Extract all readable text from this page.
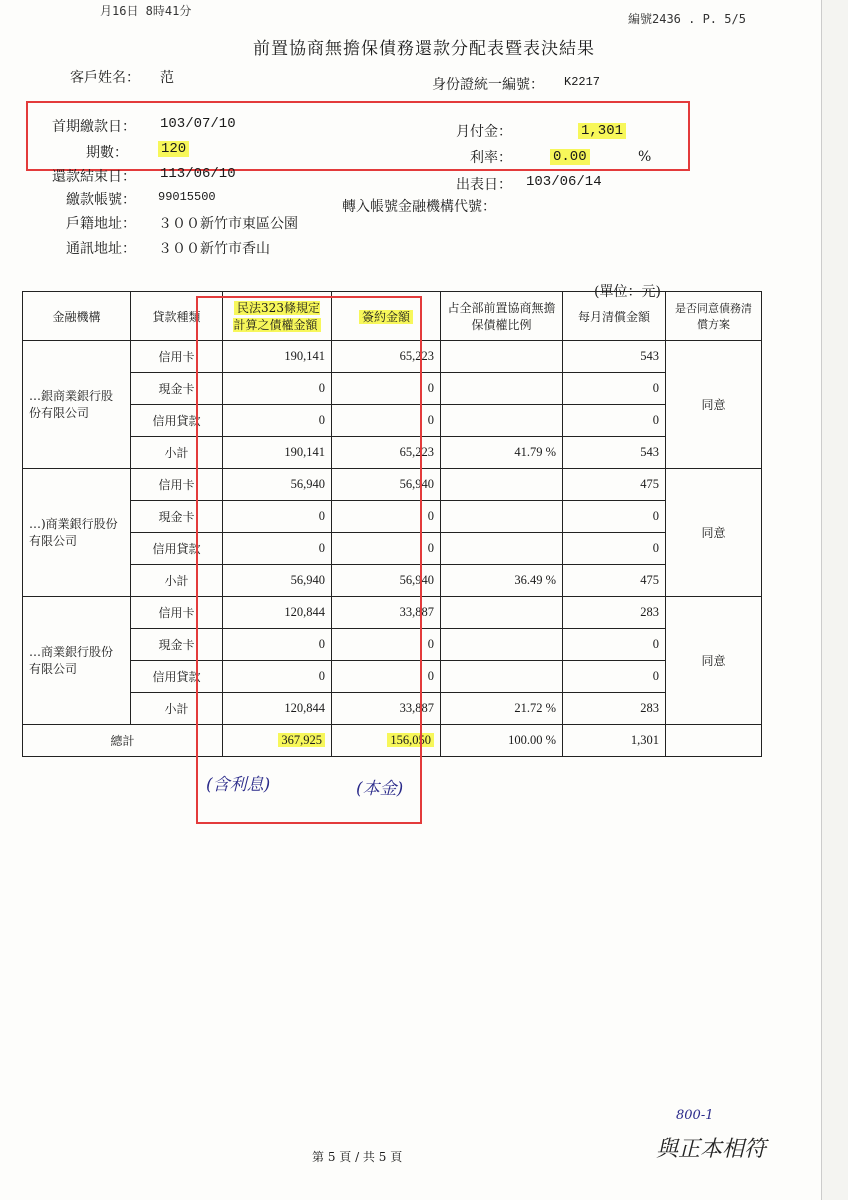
月16日 8時41分
編號2436 . P. 5/5
前置協商無擔保債務還款分配表暨表決結果
客戶姓名： 范	身份證統一編號： K2217
首期繳款日： 103/07/10
期數： 120
月付金：	1,301
利率：	0.00	%
還款結束日： 113/06/10
出表日： 103/06/14
繳款帳號： 99015500
轉入帳號金融機構代號：
戶籍地址： ３００新竹市東區公園
通訊地址： ３００新竹市香山
(單位：元)
金融機構	貸款種類	民法323條規定計算之債權金額	簽約金額	占全部前置協商無擔保債權比例	每月清償金額	是否同意債務清償方案
…銀商業銀行股份有限公司	信用卡	190,141	65,223		543	同意
	現金卡	0	0		0	
	信用貸款	0	0		0	
	小計	190,141	65,223	41.79 %	543	
…)商業銀行股份有限公司	信用卡	56,940	56,940		475	同意
	現金卡	0	0		0	
	信用貸款	0	0		0	
	小計	56,940	56,940	36.49 %	475	
…商業銀行股份有限公司	信用卡	120,844	33,887		283	同意
	現金卡	0	0		0	
	信用貸款	0	0		0	
	小計	120,844	33,887	21.72 %	283	
總計		367,925	156,050	100.00 %	1,301	
(含利息)	(本金)
第 5 頁 / 共 5 頁
800-1
與正本相符
